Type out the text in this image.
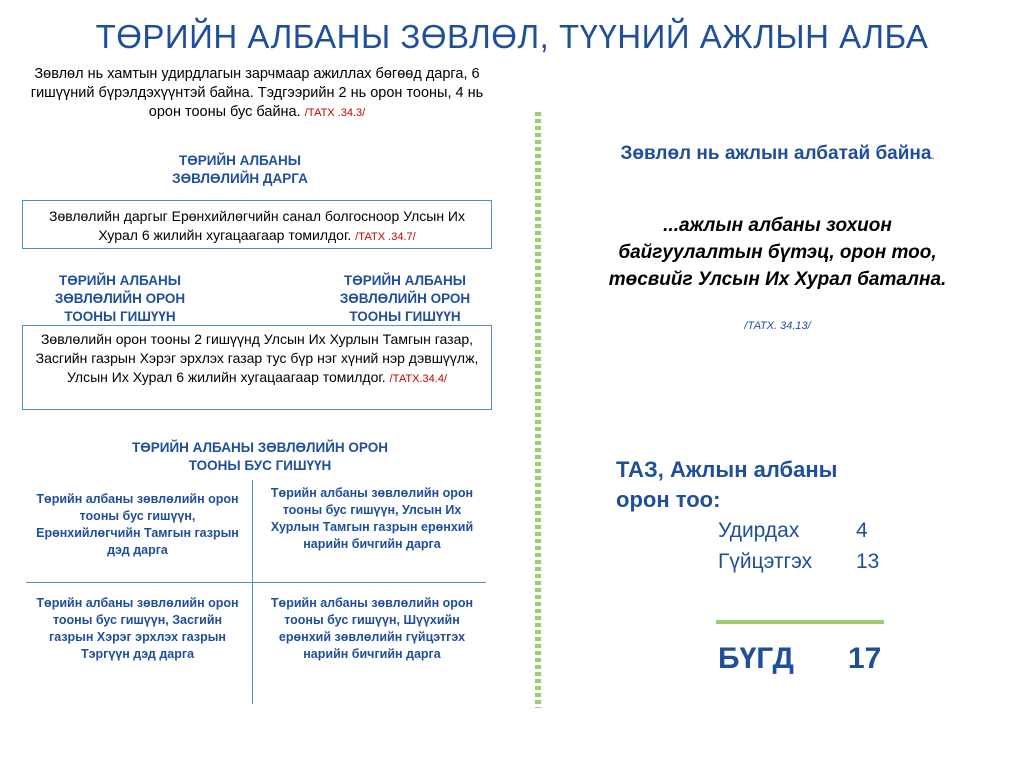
ТӨРИЙН АЛБАНЫ ЗӨВЛӨЛ, ТҮҮНИЙ АЖЛЫН АЛБА
Зөвлөл нь хамтын удирдлагын зарчмаар ажиллах бөгөөд дарга, 6 гишүүний бүрэлдэхүүнтэй байна. Тэдгээрийн 2 нь орон тооны, 4 нь орон тооны бус байна. /ТАТХ .34.3/
ТӨРИЙН АЛБАНЫ ЗӨВЛӨЛИЙН ДАРГА
Зөвлөлийн даргыг Ерөнхийлөгчийн санал болгосноор Улсын Их Хурал 6 жилийн хугацаагаар томилдог. /ТАТХ .34.7/
ТӨРИЙН АЛБАНЫ ЗӨВЛӨЛИЙН ОРОН ТООНЫ ГИШҮҮН
ТӨРИЙН АЛБАНЫ ЗӨВЛӨЛИЙН ОРОН ТООНЫ ГИШҮҮН
Зөвлөлийн орон тооны 2 гишүүнд Улсын Их Хурлын Тамгын газар, Засгийн газрын Хэрэг эрхлэх газар тус бүр нэг хүний нэр дэвшүүлж, Улсын Их Хурал 6 жилийн хугацаагаар томилдог. /ТАТХ.34.4/
ТӨРИЙН АЛБАНЫ ЗӨВЛӨЛИЙН ОРОН ТООНЫ БУС ГИШҮҮН
Төрийн албаны зөвлөлийн орон тооны бус гишүүн, Ерөнхийлөгчийн Тамгын газрын дэд дарга
Төрийн албаны зөвлөлийн орон тооны бус гишүүн, Улсын Их Хурлын Тамгын газрын ерөнхий нарийн бичгийн дарга
Төрийн албаны зөвлөлийн орон тооны бус гишүүн, Засгийн газрын Хэрэг эрхлэх газрын Тэргүүн дэд дарга
Төрийн албаны зөвлөлийн орон тооны бус гишүүн, Шүүхийн ерөнхий зөвлөлийн гүйцэтгэх нарийн бичгийн дарга
Зөвлөл нь ажлын албатай байна.
...ажлын албаны зохион байгуулалтын бүтэц, орон тоо, төсвийг Улсын Их Хурал батална.
/ТАТХ. 34.13/
ТАЗ, Ажлын албаны орон тоо:
Удирдах	4
Гүйцэтгэх 13
БҮГД 17
